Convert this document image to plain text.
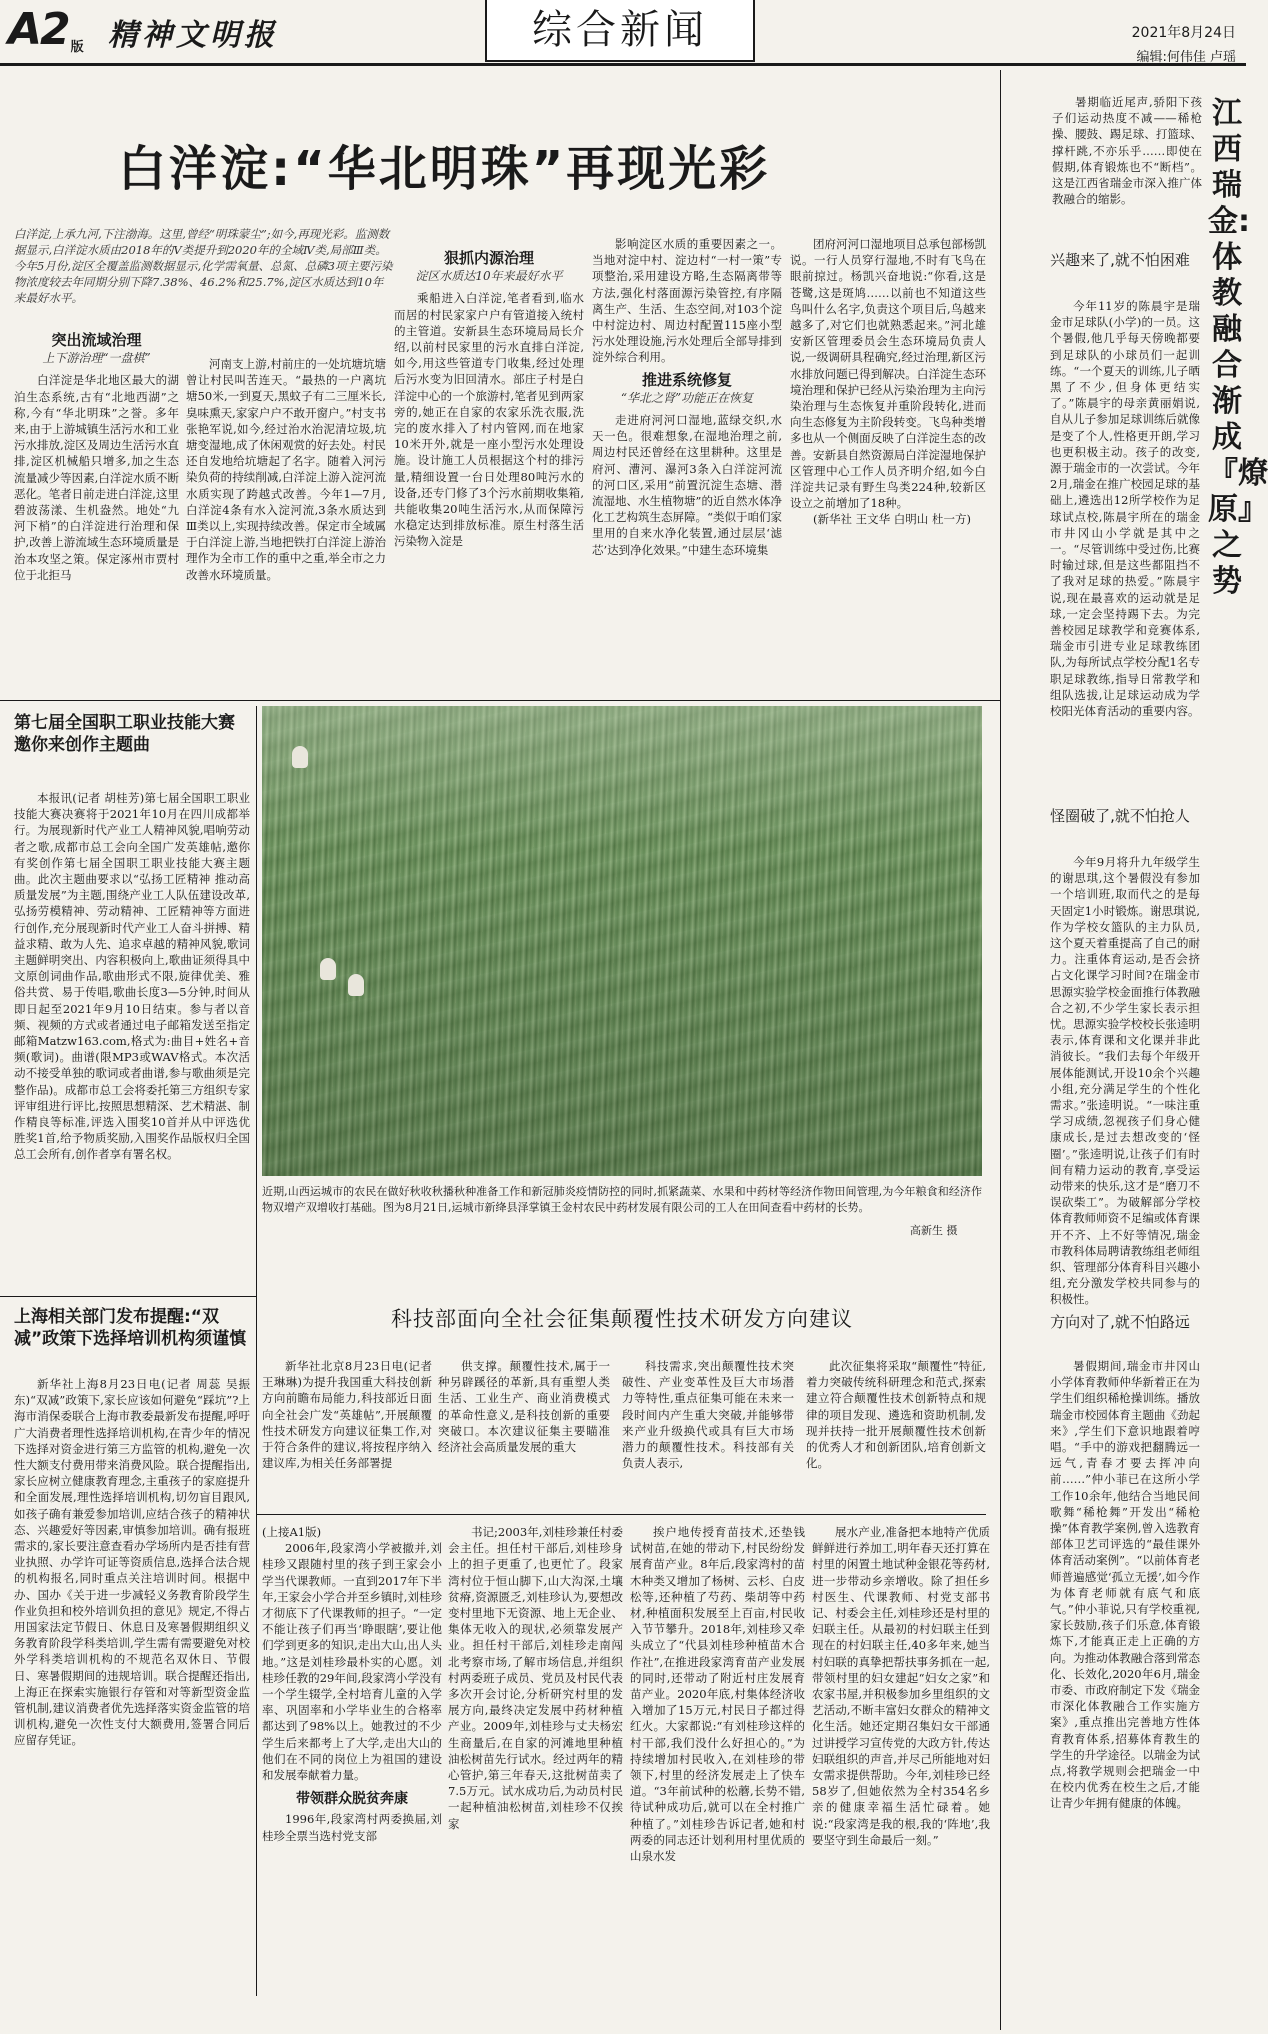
A2 版 精神文明报	综合新闻	2021年8月24日
编辑:何伟佳 卢瑶
白洋淀:“华北明珠”再现光彩
白洋淀,上承九河,下注渤海。这里,曾经“明珠蒙尘”;如今,再现光彩。监测数据显示,白洋淀水质由2018年的V类提升到2020年的全域Ⅳ类,局部Ⅲ类。今年5月份,淀区全覆盖监测数据显示,化学需氧量、总氮、总磷3项主要污染物浓度较去年同期分别下降7.38%、46.2%和25.7%,淀区水质达到10年来最好水平。
突出流域治理
上下游治理“一盘棋”

白洋淀是华北地区最大的湖泊生态系统,古有“北地西湖”之称,今有“华北明珠”之誉。多年来,由于上游城镇生活污水和工业污水排放,淀区及周边生活污水直排,淀区机械船只增多,加之生态流量减少等因素,白洋淀水质不断恶化。笔者日前走进白洋淀,这里碧波荡漾、生机盎然。地处“九河下梢”的白洋淀进行治理和保护,改善上游流域生态环境质量是治本攻坚之策。保定涿州市贾村位于北拒马

河南支上游,村前庄的一处坑塘坑塘曾让村民叫苦连天。“最热的一户离坑塘50米,一到夏天,黑蚊子有二三厘米长,臭味熏天,家家户户不敢开窗户。”村支书张艳军说,如今,经过治水治泥清垃圾,坑塘变湿地,成了休闲观赏的好去处。村民还自发地给坑塘起了名字。随着入河污染负荷的持续削减,白洋淀上游入淀河流水质实现了跨越式改善。今年1—7月,白洋淀4条有水入淀河流,3条水质达到Ⅲ类以上,实现持续改善。保定市全域属于白洋淀上游,当地把铁打白洋淀上游治理作为全市工作的重中之重,举全市之力改善水环境质量。

狠抓内源治理
淀区水质达10年来最好水平

乘船进入白洋淀,笔者看到,临水而居的村民家家户户有管道接入统村的主管道。安新县生态环境局局长介绍,以前村民家里的污水直排白洋淀,如今,用这些管道专门收集,经过处理后污水变为旧回清水。部庄子村是白洋淀中心的一个旅游村,笔者见到两家旁的,她正在自家的农家乐洗衣服,洗完的废水排入了村内管网,而在地家10米开外,就是一座小型污水处理设施。设计施工人员根据这个村的排污量,精细设置一台日处理80吨污水的设备,还专门修了3个污水前期收集箱,共能收集20吨生活污水,从而保障污水稳定达到排放标准。原生村落生活污染物入淀是

影响淀区水质的重要因素之一。当地对淀中村、淀边村“一村一策”专项整治,采用建设方略,生态隔离带等方法,强化村落面源污染管控,有序隔离生产、生活、生态空间,对103个淀中村淀边村、周边村配置115座小型污水处理设施,污水处理后全部导排到淀外综合利用。

推进系统修复
“华北之肾”功能正在恢复

走进府河河口湿地,蓝绿交织,水天一色。很难想象,在湿地治理之前,周边村民还曾经在这里耕种。这里是府河、漕河、瀑河3条入白洋淀河流的河口区,采用“前置沉淀生态塘、潜流湿地、水生植物塘”的近自然水体净化工艺构筑生态屏障。“类似于咱们家里用的自来水净化装置,通过层层‘滤芯’达到净化效果。”中建生态环境集

团府河河口湿地项目总承包部杨凯说。一行人员穿行湿地,不时有飞鸟在眼前掠过。杨凯兴奋地说:“你看,这是苍鹭,这是斑鸠……以前也不知道这些鸟叫什么名字,负责这个项目后,鸟越来越多了,对它们也就熟悉起来。”河北雄安新区管理委员会生态环境局负责人说,一级调研具程确究,经过治理,新区污水排放问题已得到解决。白洋淀生态环境治理和保护已经从污染治理为主向污染治理与生态恢复并重阶段转化,进而向生态修复为主阶段转变。飞鸟种类增多也从一个侧面反映了白洋淀生态的改善。安新县自然资源局白洋淀湿地保护区管理中心工作人员齐明介绍,如今白洋淀共记录有野生鸟类224种,较新区设立之前增加了18种。

(新华社 王文华 白明山 杜一方)

第七届全国职工职业技能大赛邀你来创作主题曲

本报讯(记者 胡桂芳)第七届全国职工职业技能大赛决赛将于2021年10月在四川成都举行。为展现新时代产业工人精神风貌,唱响劳动者之歌,成都市总工会向全国广发英雄帖,邀你有奖创作第七届全国职工职业技能大赛主题曲。此次主题曲要求以“弘扬工匠精神 推动高质量发展”为主题,围绕产业工人队伍建设改革,弘扬劳模精神、劳动精神、工匠精神等方面进行创作,充分展现新时代产业工人奋斗拼搏、精益求精、敢为人先、追求卓越的精神风貌,歌词主题鲜明突出、内容积极向上,歌曲证须得具中文原创词曲作品,歌曲形式不限,旋律优美、雅俗共赏、易于传唱,歌曲长度3—5分钟,时间从即日起至2021年9月10日结束。参与者以音频、视频的方式或者通过电子邮箱发送至指定邮箱Matzw163.com,格式为:曲目+姓名+音频(歌词)。曲谱(限MP3或WAV格式。本次活动不接受单独的歌词或者曲谱,参与歌曲须是完整作品)。成都市总工会将委托第三方组织专家评审组进行评比,按照思想精深、艺术精湛、制作精良等标准,评选入围奖10首并从中评选优胜奖1首,给予物质奖励,入围奖作品版权归全国总工会所有,创作者享有署名权。

近期,山西运城市的农民在做好秋收秋播秋种准备工作和新冠肺炎疫情防控的同时,抓紧蔬菜、水果和中药材等经济作物田间管理,为今年粮食和经济作物双增产双增收打基础。图为8月21日,运城市新绛县泽掌镇王金村农民中药材发展有限公司的工人在田间查看中药材的长势。
高新生 摄
上海相关部门发布提醒:“双减”政策下选择培训机构须谨慎

新华社上海8月23日电(记者 周蕊 吴振东)“双减”政策下,家长应该如何避免“踩坑”?上海市消保委联合上海市教委最新发布提醒,呼吁广大消费者理性选择培训机构,在青少年的情况下选择对资金进行第三方监管的机构,避免一次性大额支付费用带来消费风险。联合提醒指出,家长应树立健康教育理念,主重孩子的家庭提升和全面发展,理性选择培训机构,切勿盲目跟风,如孩子确有兼爱参加培训,应结合孩子的精神状态、兴趣爱好等因素,审慎参加培训。确有报班需求的,家长要注意查看办学场所内是否挂有营业执照、办学许可证等资质信息,选择合法合规的机构报名,同时重点关注培训时间。根据中办、国办《关于进一步减轻义务教育阶段学生作业负担和校外培训负担的意见》规定,不得占用国家法定节假日、休息日及寒暑假期组织义务教育阶段学科类培训,学生需有需要避免对校外学科类培训机构的不规范名双休日、节假日、寒暑假期间的违规培训。联合提醒还指出,上海正在探索实施银行存管和对等新型资金监管机制,建议消费者优先选择落实资金监管的培训机构,避免一次性支付大额费用,签署合同后应留存凭证。

科技部面向全社会征集颠覆性技术研发方向建议

新华社北京8月23日电(记者 王琳琳)为提升我国重大科技创新方向前瞻布局能力,科技部近日面向全社会广发“英雄帖”,开展颠覆性技术研发方向建议征集工作,对于符合条件的建议,将按程序纳入建议库,为相关任务部署提

供支撑。颠覆性技术,属于一种另辟蹊径的革新,具有重塑人类生活、工业生产、商业消费模式的革命性意义,是科技创新的重要突破口。本次建议征集主要瞄准经济社会高质量发展的重大

科技需求,突出颠覆性技术突破性、产业变革性及巨大市场潜力等特性,重点征集可能在未来一段时间内产生重大突破,并能够带来产业升级换代或具有巨大市场潜力的颠覆性技术。科技部有关负责人表示,

此次征集将采取“颠覆性”特征,着力突破传统科研理念和范式,探索建立符合颠覆性技术创新特点和规律的项目发现、遴选和资助机制,发现并扶持一批开展颠覆性技术创新的优秀人才和创新团队,培育创新文化。

(上接A1版)

2006年,段家湾小学被撤并,刘桂珍又跟随村里的孩子到王家会小学当代课教师。一直到2017年下半年,王家会小学合并至乡镇时,刘桂珍才彻底下了代课教师的担子。“一定不能让孩子们再当‘睁眼瞎’,要让他们学到更多的知识,走出大山,出人头地。”这是刘桂珍最朴实的心愿。刘桂珍任教的29年间,段家湾小学没有一个学生辍学,全村培育儿童的入学率、巩固率和小学毕业生的合格率都达到了98%以上。她教过的不少学生后来都考上了大学,走出大山的他们在不同的岗位上为祖国的建设和发展奉献着力量。

带领群众脱贫奔康

1996年,段家湾村两委换届,刘桂珍全票当选村党支部

书记;2003年,刘桂珍兼任村委会主任。担任村干部后,刘桂珍身上的担子更重了,也更忙了。段家湾村位于恒山脚下,山大沟深,土壤贫瘠,资源匮乏,刘桂珍认为,要想改变村里地下无资源、地上无企业、集体无收入的现状,必须靠发展产业。担任村干部后,刘桂珍走南闯北考察市场,了解市场信息,并组织村两委班子成员、党员及村民代表多次开会讨论,分析研究村里的发展方向,最终决定发展中药材种植产业。2009年,刘桂珍与丈夫杨宏生商量后,在自家的河滩地里种植油松树苗先行试水。经过两年的精心管护,第三年春天,这批树苗卖了7.5万元。试水成功后,为动员村民一起种植油松树苗,刘桂珍不仅挨家

挨户地传授育苗技术,还垫钱试树苗,在她的带动下,村民纷纷发展育苗产业。8年后,段家湾村的苗木种类又增加了杨树、云杉、白皮松等,还种植了芍药、柴胡等中药材,种植面积发展至上百亩,村民收入节节攀升。2018年,刘桂珍又牵头成立了“代县刘桂珍种植苗木合作社”,在推进段家湾育苗产业发展的同时,还带动了附近村庄发展育苗产业。2020年底,村集体经济收入增加了15万元,村民日子都过得红火。大家都说:“有刘桂珍这样的村干部,我们没什么好担心的。”为持续增加村民收入,在刘桂珍的带领下,村里的经济发展走上了快车道。“3年前试种的松蘑,长势不错,待试种成功后,就可以在全村推广种植了。”刘桂珍告诉记者,她和村两委的同志还计划利用村里优质的山泉水发

展水产业,准备把本地特产优质鲜鲜进行养加工,明年春天还打算在村里的闲置土地试种金银花等药材,进一步带动乡亲增收。除了担任乡村医生、代课教师、村党支部书记、村委会主任,刘桂珍还是村里的妇联主任。从最初的村妇联主任到现在的村妇联主任,40多年来,她当村妇联的真挚把帮扶事务抓在一起,带领村里的妇女建起“妇女之家”和农家书屋,并积极参加乡里组织的文艺活动,不断丰富妇女群众的精神文化生活。她还定期召集妇女干部通过讲授学习宣传党的大政方针,传达妇联组织的声音,并尽己所能地对妇女需求提供帮助。今年,刘桂珍已经58岁了,但她依然为全村354名乡亲的健康幸福生活忙碌着。她说:“段家湾是我的根,我的‘阵地’,我要坚守到生命最后一刻。”

江西瑞金:体教融合渐成『燎原』之势

暑期临近尾声,骄阳下孩子们运动热度不减——稀枪操、腰鼓、踢足球、打篮球、撑杆跳,不亦乐乎……即使在假期,体育锻炼也不“断档”。这是江西省瑞金市深入推广体教融合的缩影。

兴趣来了,就不怕困难

今年11岁的陈晨宇是瑞金市足球队(小学)的一员。这个暑假,他几乎每天傍晚都要到足球队的小球员们一起训练。“一个夏天的训练,儿子晒黑了不少,但身体更结实了。”陈晨宇的母亲黄丽娟说,自从儿子参加足球训练后就像是变了个人,性格更开朗,学习也更积极主动。孩子的改变,源于瑞金市的一次尝试。今年2月,瑞金在推广校园足球的基础上,遴选出12所学校作为足球试点校,陈晨宇所在的瑞金市井冈山小学就是其中之一。“尽管训练中受过伤,比赛时输过球,但是这些都阻挡不了我对足球的热爱。”陈晨宇说,现在最喜欢的运动就是足球,一定会坚持踢下去。为完善校园足球教学和竞赛体系,瑞金市引进专业足球教练团队,为每所试点学校分配1名专职足球教练,指导日常教学和组队选拔,让足球运动成为学校阳光体育活动的重要内容。

怪圈破了,就不怕抢人

今年9月将升九年级学生的谢思琪,这个暑假没有参加一个培训班,取而代之的是每天固定1小时锻炼。谢思琪说,作为学校女篮队的主力队员,这个夏天着重提高了自己的耐力。注重体育运动,是否会挤占文化课学习时间?在瑞金市思源实验学校金面推行体教融合之初,不少学生家长表示担忧。思源实验学校校长张逵明表示,体育课和文化课并非此消彼长。“我们去每个年级开展体能测试,开设10余个兴趣小组,充分满足学生的个性化需求。”张逵明说。“一味注重学习成绩,忽视孩子们身心健康成长,是过去想改变的‘怪圈’。”张逵明说,让孩子们有时间有精力运动的教育,享受运动带来的快乐,这才是“磨刀不误砍柴工”。为破解部分学校体育教师师资不足编或体育课开不齐、上不好等情况,瑞金市教科体局聘请教练组老师组织、管理部分体育科目兴趣小组,充分激发学校共同参与的积极性。

方向对了,就不怕路远

暑假期间,瑞金市井冈山小学体育教师仲华新着正在为学生们组织稀枪操训练。播放瑞金市校园体育主题曲《劲起来》,学生们下意识地跟着哼唱。“手中的游戏把翻腾远一远气,青春才要去挥冲向前……”仲小菲已在这所小学工作10余年,他结合当地民间歌舞“稀枪舞”开发出“稀枪操”体育教学案例,曾入选教育部体卫艺司评选的“最佳课外体育活动案例”。“以前体育老师普遍感觉‘孤立无援’,如今作为体育老师就有底气和底气。”仲小菲说,只有学校重视,家长鼓励,孩子们乐意,体育锻炼下,才能真正走上正确的方向。为推动体教融合落到常态化、长效化,2020年6月,瑞金市委、市政府制定下发《瑞金市深化体教融合工作实施方案》,重点推出完善地方性体育教育体系,招募体育教生的学生的升学途径。以瑞金为试点,将教学规则会把瑞金一中在校内优秀在校生之后,才能让青少年拥有健康的体魄。
